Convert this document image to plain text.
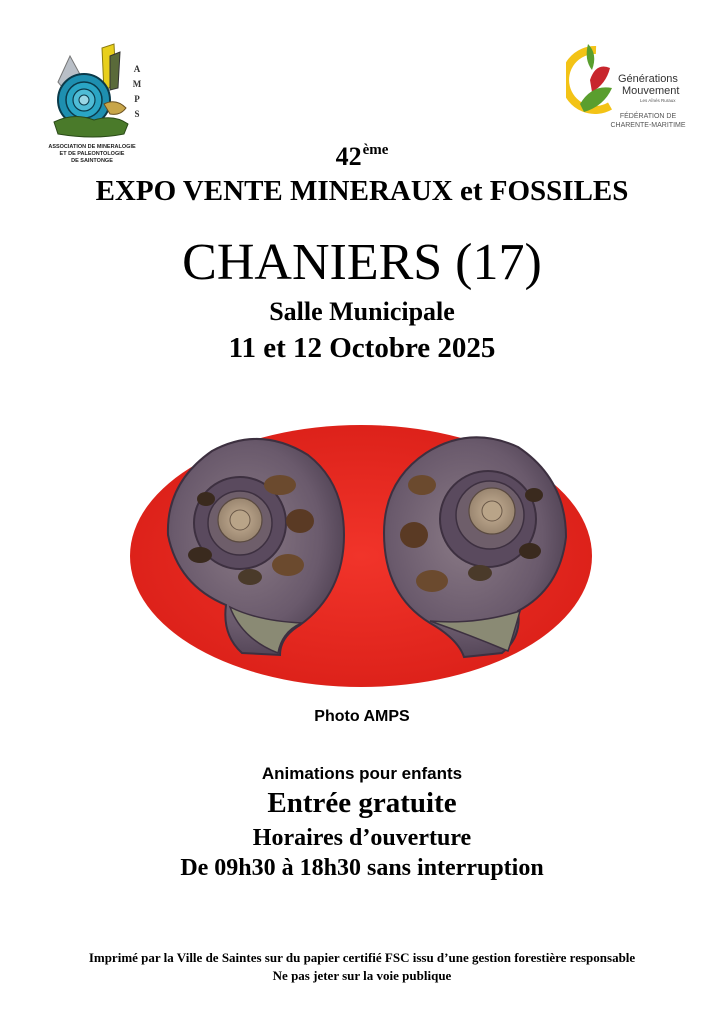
A
M
P
S
ASSOCIATION DE MINERALOGIE
ET DE PALEONTOLOGIE
DE SAINTONGE
Générations
Mouvement
Les Aînés Ruraux
FÉDÉRATION DE
CHARENTE-MARITIME
42ème
EXPO VENTE MINERAUX et FOSSILES
CHANIERS (17)
Salle Municipale
11 et 12 Octobre 2025
Photo AMPS
Animations pour enfants
Entrée gratuite
Horaires d’ouverture
De 09h30 à 18h30 sans interruption
Imprimé par la Ville de Saintes sur du papier certifié FSC issu d’une gestion forestière responsable
Ne pas jeter sur la voie publique
